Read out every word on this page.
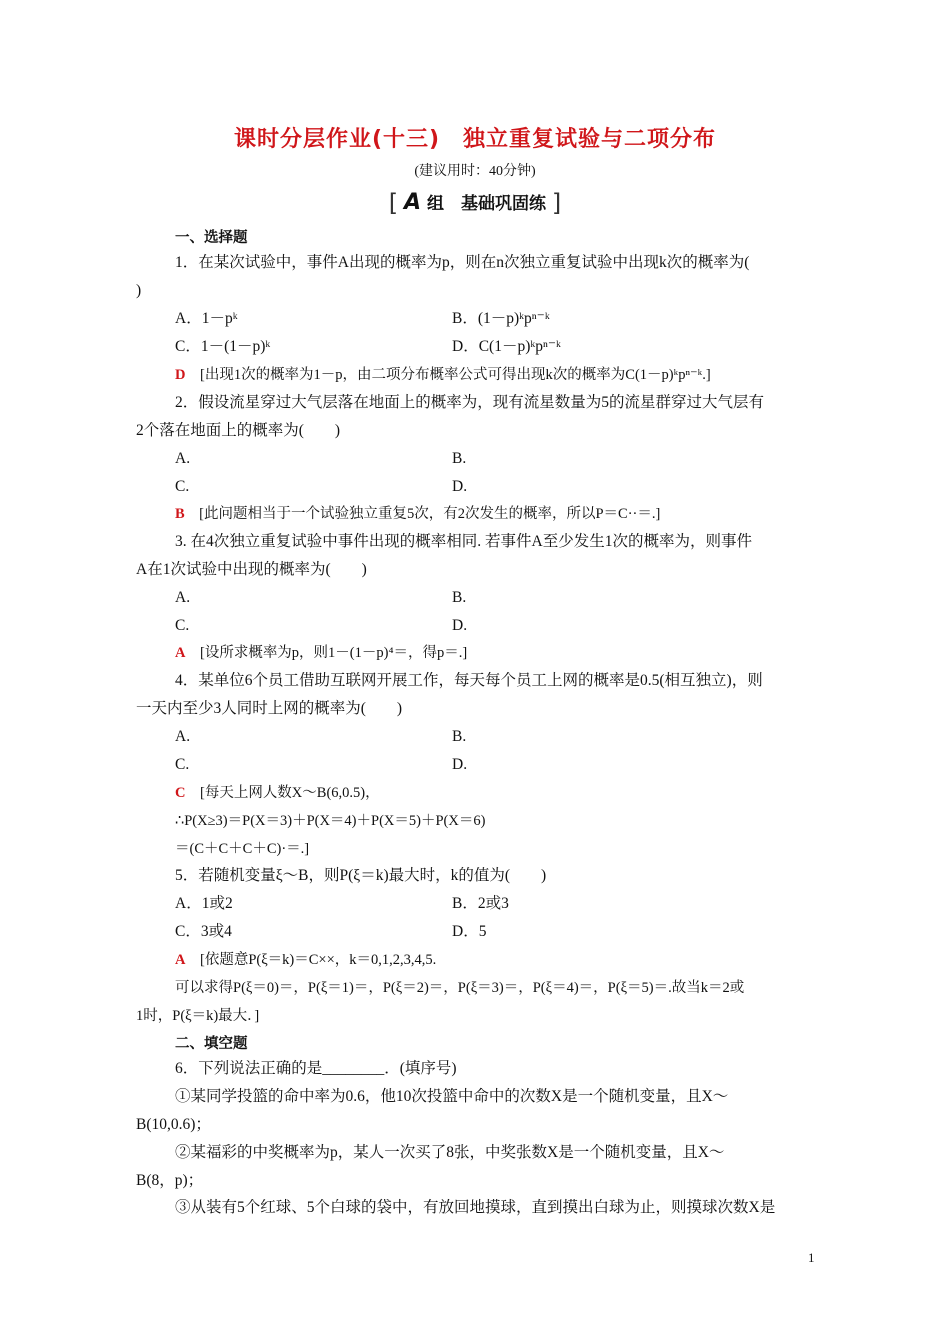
课时分层作业(十三)　独立重复试验与二项分布
(建议用时：40分钟)
[ A 组　基础巩固练 ]
一、选择题
1．在某次试验中，事件A出现的概率为p，则在n次独立重复试验中出现k次的概率为(
)
A．1－pᵏ	B．(1－p)ᵏpⁿ⁻ᵏ
C．1－(1－p)ᵏ	D．C(1－p)ᵏpⁿ⁻ᵏ
D　[出现1次的概率为1－p，由二项分布概率公式可得出现k次的概率为C(1－p)ᵏpⁿ⁻ᵏ.]
2．假设流星穿过大气层落在地面上的概率为，现有流星数量为5的流星群穿过大气层有
2个落在地面上的概率为(　　)
A.	B.
C.	D.
B　[此问题相当于一个试验独立重复5次，有2次发生的概率，所以P＝C··＝.]
3. 在4次独立重复试验中事件出现的概率相同. 若事件A至少发生1次的概率为，则事件
A在1次试验中出现的概率为(　　)
A.	B.
C.	D.
A　[设所求概率为p，则1－(1－p)⁴＝，得p＝.]
4．某单位6个员工借助互联网开展工作，每天每个员工上网的概率是0.5(相互独立)，则
一天内至少3人同时上网的概率为(　　)
A.	B.
C.	D.
C　[每天上网人数X～B(6,0.5)，
∴P(X≥3)＝P(X＝3)＋P(X＝4)＋P(X＝5)＋P(X＝6)
＝(C＋C＋C＋C)·＝.]
5．若随机变量ξ～B，则P(ξ＝k)最大时，k的值为(　　)
A．1或2	B．2或3
C．3或4	D．5
A　[依题意P(ξ＝k)＝C××，k＝0,1,2,3,4,5.
可以求得P(ξ＝0)＝，P(ξ＝1)＝，P(ξ＝2)＝，P(ξ＝3)＝，P(ξ＝4)＝，P(ξ＝5)＝.故当k＝2或
1时，P(ξ＝k)最大．]
二、填空题
6．下列说法正确的是________．(填序号)
①某同学投篮的命中率为0.6，他10次投篮中命中的次数X是一个随机变量，且X～
B(10,0.6)；
②某福彩的中奖概率为p，某人一次买了8张，中奖张数X是一个随机变量，且X～
B(8，p)；
③从装有5个红球、5个白球的袋中，有放回地摸球，直到摸出白球为止，则摸球次数X是
1
